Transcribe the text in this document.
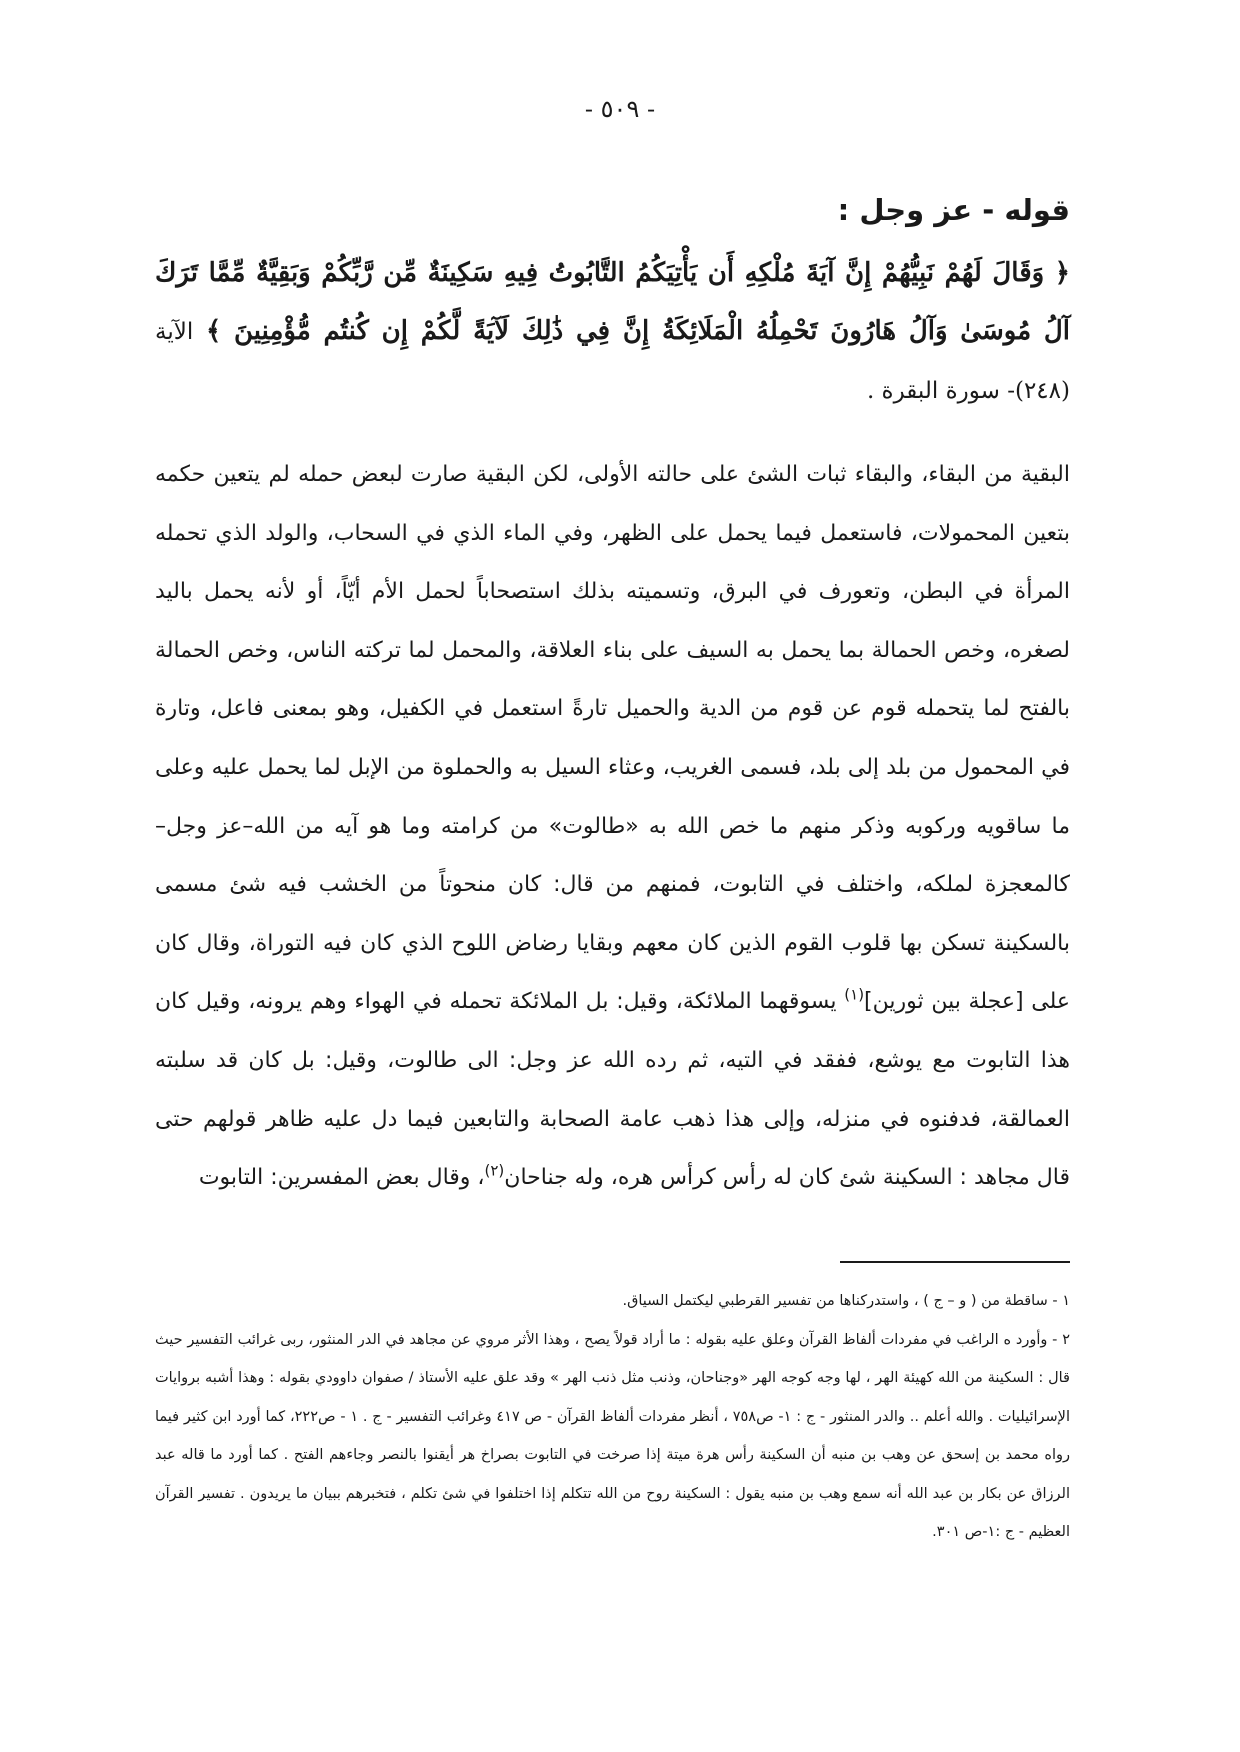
- ٥٠٩ -
قوله - عز وجل :

﴿ وَقَالَ لَهُمْ نَبِيُّهُمْ إِنَّ آيَةَ مُلْكِهِ أَن يَأْتِيَكُمُ التَّابُوتُ فِيهِ سَكِينَةٌ مِّن رَّبِّكُمْ وَبَقِيَّةٌ مِّمَّا تَرَكَ آلُ مُوسَىٰ وَآلُ هَارُونَ تَحْمِلُهُ الْمَلَائِكَةُ إِنَّ فِي ذَٰلِكَ لَآيَةً لَّكُمْ إِن كُنتُم مُّؤْمِنِينَ ﴾ الآية (٢٤٨)- سورة البقرة .

البقية من البقاء، والبقاء ثبات الشئ على حالته الأولى، لكن البقية صارت لبعض حمله لم يتعين حكمه بتعين المحمولات، فاستعمل فيما يحمل على الظهر، وفي الماء الذي في السحاب، والولد الذي تحمله المرأة في البطن، وتعورف في البرق، وتسميته بذلك استصحاباً لحمل الأم أيّاً، أو لأنه يحمل باليد لصغره، وخص الحمالة بما يحمل به السيف على بناء العلاقة، والمحمل لما تركته الناس، وخص الحمالة بالفتح لما يتحمله قوم عن قوم من الدية والحميل تارةً استعمل في الكفيل، وهو بمعنى فاعل، وتارة في المحمول من بلد إلى بلد، فسمى الغريب، وعثاء السيل به والحملوة من الإبل لما يحمل عليه وعلى ما ساقويه وركوبه وذكر منهم ما خص الله به «طالوت» من كرامته وما هو آيه من الله–عز وجل– كالمعجزة لملكه، واختلف في التابوت، فمنهم من قال: كان منحوتاً من الخشب فيه شئ مسمى بالسكينة تسكن بها قلوب القوم الذين كان معهم وبقايا رضاض اللوح الذي كان فيه التوراة، وقال كان على [عجلة بين ثورين]$^{(١)}$ يسوقهما الملائكة، وقيل: بل الملائكة تحمله في الهواء وهم يرونه، وقيل كان هذا التابوت مع يوشع، ففقد في التيه، ثم رده الله عز وجل: الى طالوت، وقيل: بل كان قد سلبته العمالقة، فدفنوه في منزله، وإلى هذا ذهب عامة الصحابة والتابعين فيما دل عليه ظاهر قولهم حتى قال مجاهد : السكينة شئ كان له رأس كرأس هره، وله جناحان$^{(٢)}$، وقال بعض المفسرين: التابوت

١ - ساقطة من ( و – ج ) ، واستدركناها من تفسير القرطبي ليكتمل السياق.

٢ - وأورد ه الراغب في مفردات ألفاظ القرآن وعلق عليه بقوله : ما أراد قولاً يصح ، وهذا الأثر مروي عن مجاهد في الدر المنثور، ربى غرائب التفسير حيث قال : السكينة من الله كهيئة الهر ، لها وجه كوجه الهر «وجناحان، وذنب مثل ذنب الهر » وقد علق عليه الأستاذ / صفوان داوودي بقوله : وهذا أشبه بروايات الإسرائيليات . والله أعلم .. والدر المنثور - ج : ١- ص٧٥٨ ، أنظر مفردات ألفاظ القرآن - ص ٤١٧ وغرائب التفسير - ج . ١ - ص٢٢٢، كما أورد ابن كثير فيما رواه محمد بن إسحق عن وهب بن منبه أن السكينة رأس هرة ميتة إذا صرخت في التابوت بصراخ هر أيقنوا بالنصر وجاءهم الفتح . كما أورد ما قاله عبد الرزاق عن بكار بن عبد الله أنه سمع وهب بن منبه يقول : السكينة روح من الله تتكلم إذا اختلفوا في شئ تكلم ، فتخبرهم ببيان ما يريدون . تفسير القرآن العظيم - ج :١-ص ٣٠١.
